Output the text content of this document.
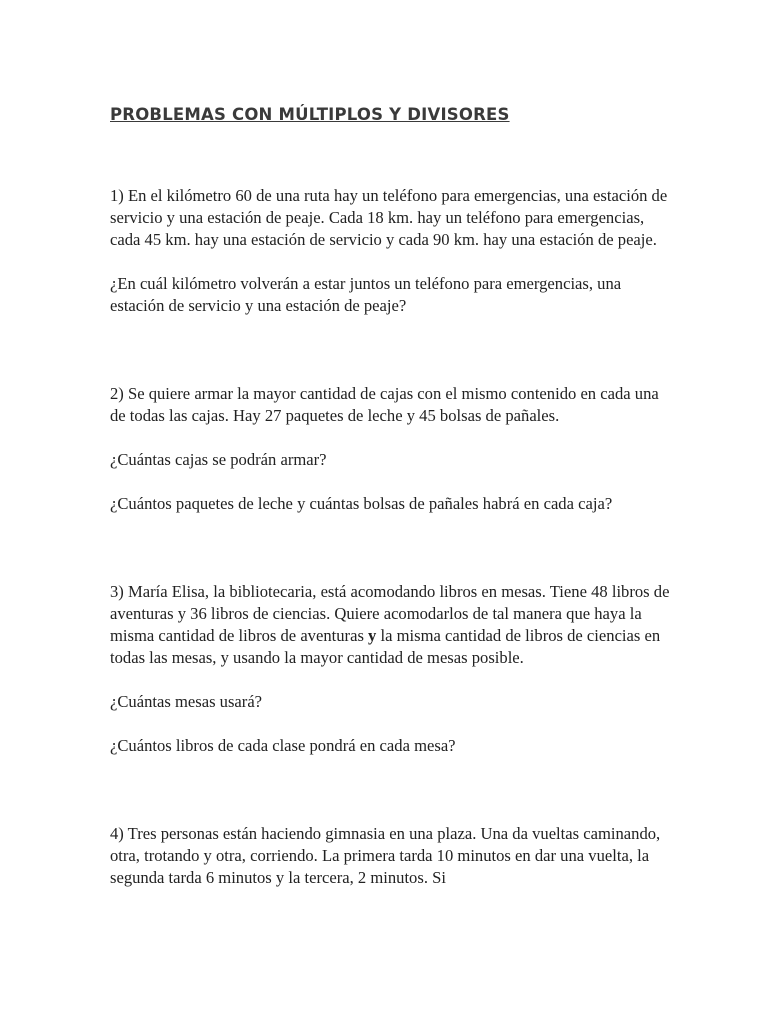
PROBLEMAS CON MÚLTIPLOS Y DIVISORES

1) En el kilómetro 60 de una ruta hay un teléfono para emergencias, una estación de servicio y una estación de peaje. Cada 18 km. hay un teléfono para emergencias, cada 45 km. hay una estación de servicio y cada 90 km. hay una estación de peaje.

¿En cuál kilómetro volverán a estar juntos un teléfono para emergencias, una estación de servicio y una estación de peaje?

2) Se quiere armar la mayor cantidad de cajas con el mismo contenido en cada una de todas las cajas. Hay 27 paquetes de leche y 45 bolsas de pañales.

¿Cuántas cajas se podrán armar?

¿Cuántos paquetes de leche y cuántas bolsas de pañales habrá en cada caja?

3) María Elisa, la bibliotecaria, está acomodando libros en mesas. Tiene 48 libros de aventuras y 36 libros de ciencias. Quiere acomodarlos de tal manera que haya la misma cantidad de libros de aventuras y la misma cantidad de libros de ciencias en todas las mesas, y usando la mayor cantidad de mesas posible.

¿Cuántas mesas usará?

¿Cuántos libros de cada clase pondrá en cada mesa?

4) Tres personas están haciendo gimnasia en una plaza. Una da vueltas caminando, otra, trotando y otra, corriendo. La primera tarda 10 minutos en dar una vuelta, la segunda tarda 6 minutos y la tercera, 2 minutos. Si
